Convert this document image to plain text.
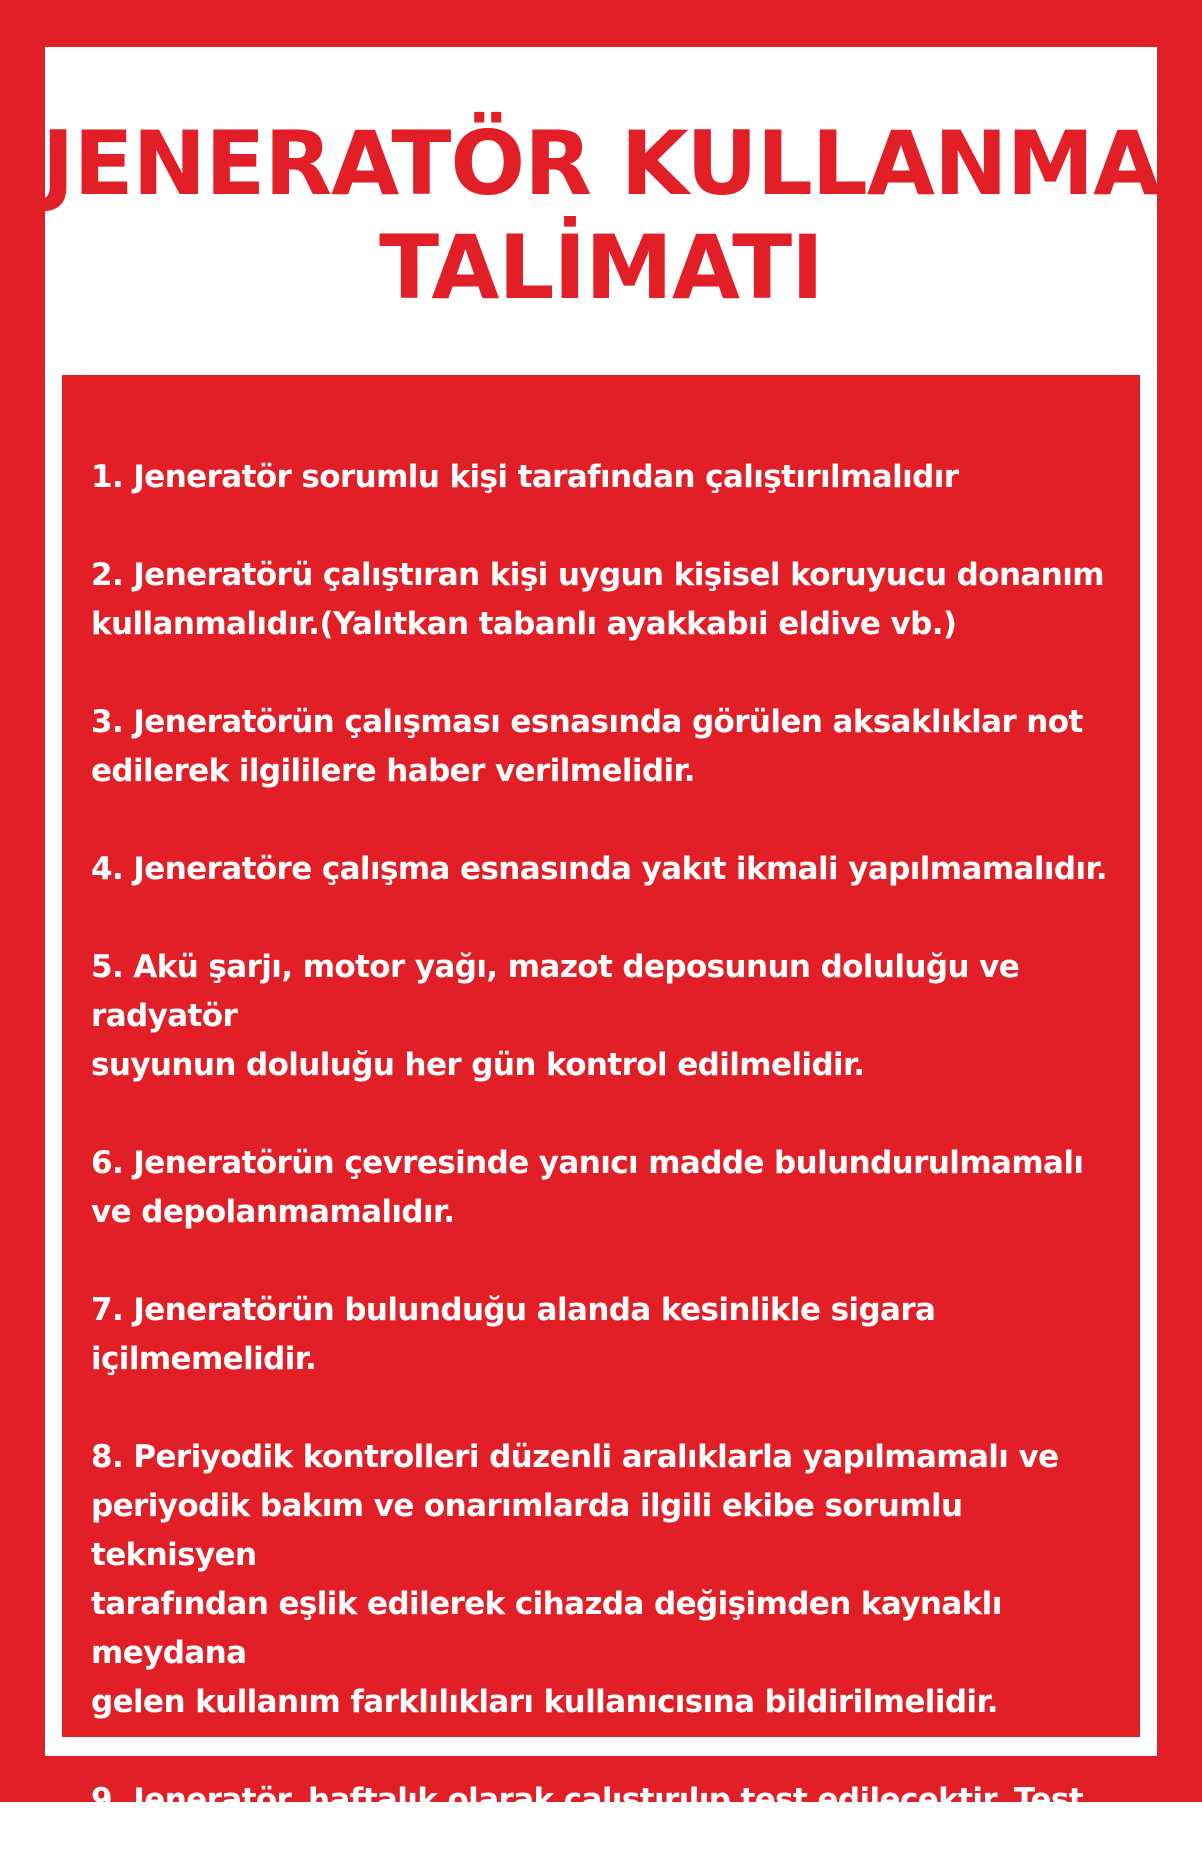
JENERATÖR KULLANMA
TALİMATI
1. Jeneratör sorumlu kişi tarafından çalıştırılmalıdır
2. Jeneratörü çalıştıran kişi uygun kişisel koruyucu donanım
kullanmalıdır.(Yalıtkan tabanlı ayakkabıi eldive vb.)
3. Jeneratörün çalışması esnasında görülen aksaklıklar not
edilerek ilgililere haber verilmelidir.
4. Jeneratöre çalışma esnasında yakıt ikmali yapılmamalıdır.
5. Akü şarjı, motor yağı, mazot deposunun doluluğu ve radyatör
suyunun doluluğu her gün kontrol edilmelidir.
6. Jeneratörün çevresinde yanıcı madde bulundurulmamalı
ve depolanmamalıdır.
7. Jeneratörün bulunduğu alanda kesinlikle sigara içilmemelidir.
8. Periyodik kontrolleri düzenli aralıklarla yapılmamalı ve
periyodik bakım ve onarımlarda ilgili ekibe sorumlu teknisyen
tarafından eşlik edilerek cihazda değişimden kaynaklı meydana
gelen kullanım farklılıkları kullanıcısına bildirilmelidir.
9. Jeneratör, haftalık olarak çalıştırılıp test edilecektir. Test
sonrasında cihaz, otomatik modda bırakılacaktır.
